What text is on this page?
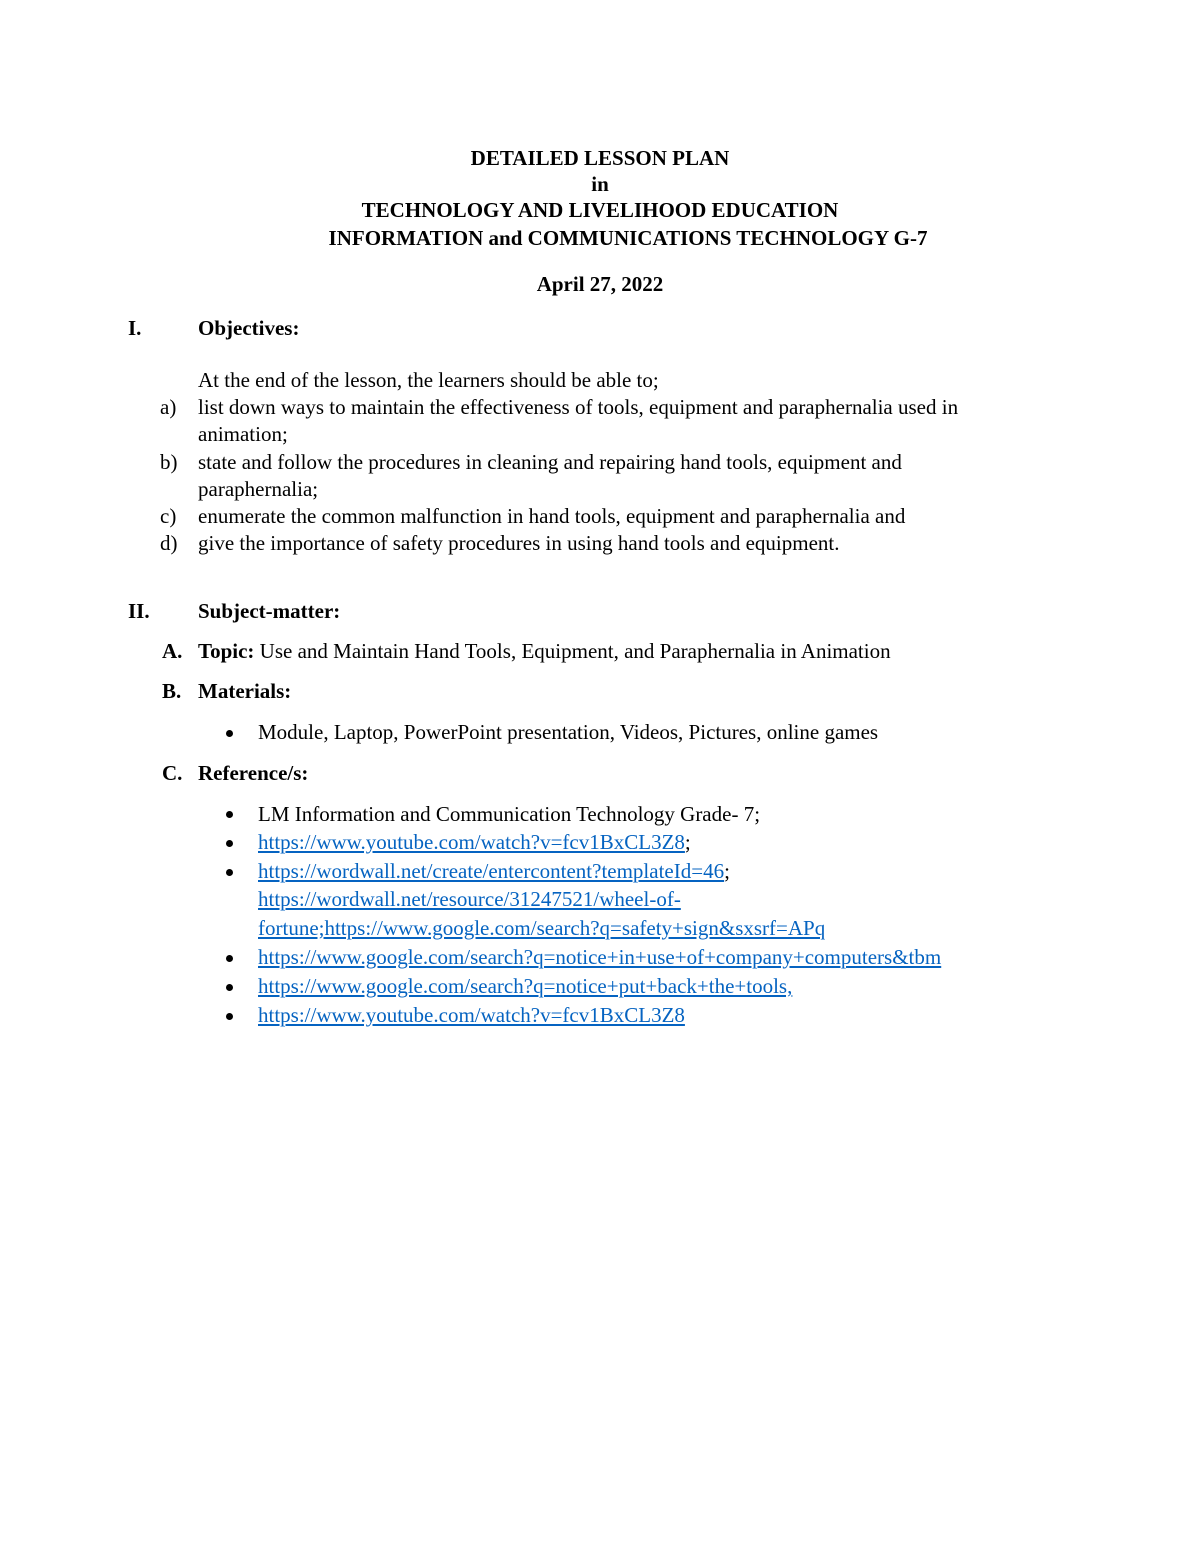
DETAILED LESSON PLAN
in
TECHNOLOGY AND LIVELIHOOD EDUCATION
INFORMATION and COMMUNICATIONS TECHNOLOGY G-7
April 27, 2022
I.	Objectives:
At the end of the lesson, the learners should be able to;
a) list down ways to maintain the effectiveness of tools, equipment and paraphernalia used in
animation;
b) state and follow the procedures in cleaning and repairing hand tools, equipment and
paraphernalia;
c) enumerate the common malfunction in hand tools, equipment and paraphernalia and
d) give the importance of safety procedures in using hand tools and equipment.
II. Subject-matter:
A. Topic: Use and Maintain Hand Tools, Equipment, and Paraphernalia in Animation
B. Materials:
Module, Laptop, PowerPoint presentation, Videos, Pictures, online games
C. Reference/s:
LM Information and Communication Technology Grade- 7;
https://www.youtube.com/watch?v=fcv1BxCL3Z8;
https://wordwall.net/create/entercontent?templateId=46;
https://wordwall.net/resource/31247521/wheel-of-
fortune;https://www.google.com/search?q=safety+sign&sxsrf=APq
https://www.google.com/search?q=notice+in+use+of+company+computers&tbm
https://www.google.com/search?q=notice+put+back+the+tools,
https://www.youtube.com/watch?v=fcv1BxCL3Z8
